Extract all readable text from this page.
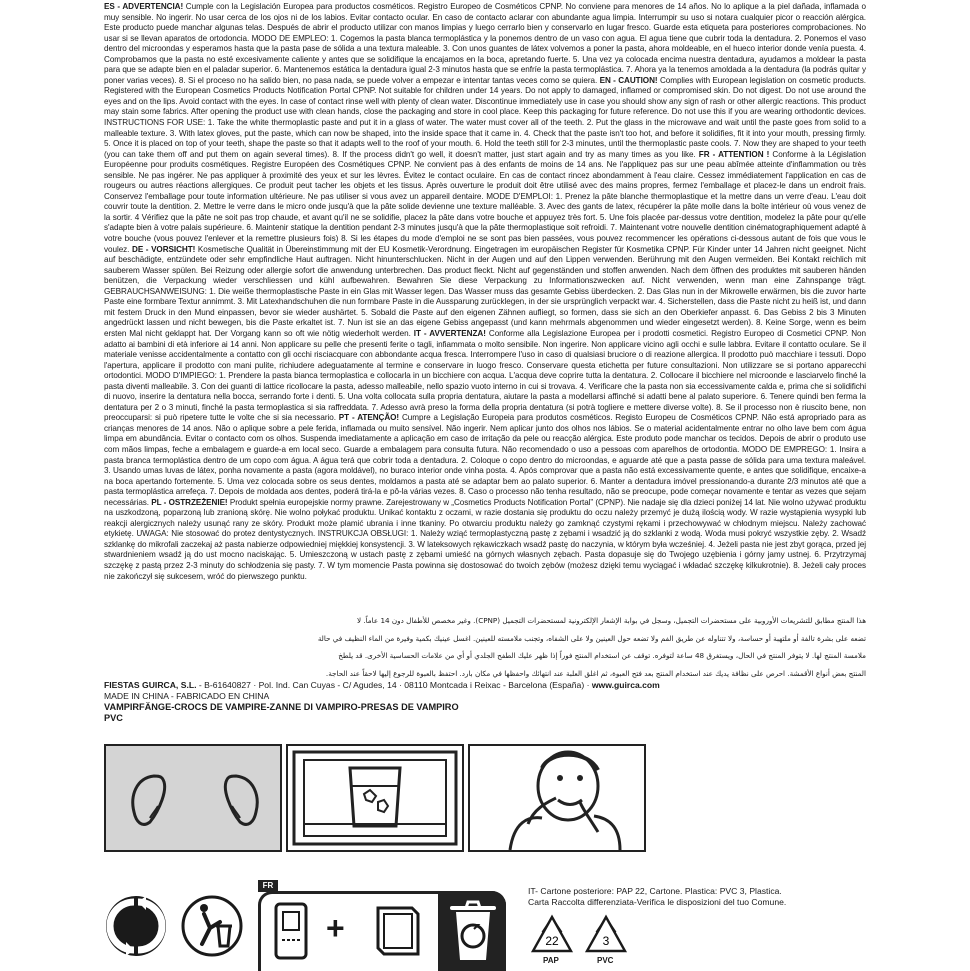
ES - ADVERTENCIA! Cumple con la Legislación Europea para productos cosméticos. Registro Europeo de Cosméticos CPNP. No conviene para menores de 14 años. No lo aplique a la piel dañada, inflamada o muy sensible. No ingerir. No usar cerca de los ojos ni de los labios. Evitar contacto ocular. En caso de contacto aclarar con abundante agua limpia. Interrumpir su uso si notara cualquier picor o reacción alérgica. Este producto puede manchar algunas telas. Después de abrir el producto utilizar con manos limpias y luego cerrarlo bien y conservarlo en lugar fresco. Guarde esta etiqueta para posteriores comprobaciones. No usar si se llevan aparatos de ortodoncia. MODO DE EMPLEO: 1. Cogemos la pasta blanca termoplástica y la ponemos dentro de un vaso con agua. El agua tiene que cubrir toda la dentadura. 2. Ponemos el vaso dentro del microondas y esperamos hasta que la pasta pase de sólida a una textura maleable. 3. Con unos guantes de látex volvemos a poner la pasta, ahora moldeable, en el hueco interior donde venía puesta. 4. Comprobamos que la pasta no esté excesivamente caliente y antes que se solidifique la encajamos en la boca, apretando fuerte. 5. Una vez ya colocada encima nuestra dentadura, ayudamos a moldear la pasta para que se adapte bien en el paladar superior. 6. Mantenemos estática la dentadura igual 2-3 minutos hasta que se enfríe la pasta termoplástica. 7. Ahora ya la tenemos amoldada a la dentadura (la podrás quitar y poner varias veces). 8. Si el proceso no ha salido bien, no pasa nada, se puede volver a empezar e intentar tantas veces como se quiera. EN - CAUTION! Complies with European legislation on cosmetic products. Registered with the European Cosmetics Products Notification Portal CPNP. Not suitable for children under 14 years. Do not apply to damaged, inflamed or compromised skin. Do not digest. Do not use around the eyes and on the lips. Avoid contact with the eyes. In case of contact rinse well with plenty of clean water. Discontinue immediately use in case you should show any sign of rash or other allergic reactions. This product may stain some fabrics. After opening the product use with clean hands, close the packaging and store in cool place. Keep this packaging for future reference. Do not use this if you are wearing orthodontic devices. INSTRUCTIONS FOR USE: 1. Take the white thermoplastic paste and put it in a glass of water. The water must cover all of the teeth. 2. Put the glass in the microwave and wait until the paste goes from solid to a malleable texture. 3. With latex gloves, put the paste, which can now be shaped, into the inside space that it came in. 4. Check that the paste isn't too hot, and before it solidifies, fit it into your mouth, pressing firmly. 5. Once it is placed on top of your teeth, shape the paste so that it adapts well to the roof of your mouth. 6. Hold the teeth still for 2-3 minutes, until the thermoplastic paste cools. 7. Now they are shaped to your teeth (you can take them off and put them on again several times). 8. If the process didn't go well, it doesn't matter, just start again and try as many times as you like. FR - ATTENTION ! Conforme à la Législation Européenne pour produits cosmétiques. Registre Européen des Cosmétiques CPNP. Ne convient pas à des enfants de moins de 14 ans. Ne l'appliquez pas sur une peau abîmée atteinte d'inflammation ou très sensible. Ne pas ingérer. Ne pas appliquer à proximité des yeux et sur les lèvres. Évitez le contact oculaire. En cas de contact rincez abondamment à l'eau claire. Cessez immédiatement l'application en cas de rougeurs ou autres réactions allergiques. Ce produit peut tacher les objets et les tissus. Après ouverture le produit doit être utilisé avec des mains propres, fermez l'emballage et placez-le dans un endroit frais. Conservez l'emballage pour toute information ultérieure. Ne pas utiliser si vous avez un appareil dentaire. MODE D'EMPLOI: 1. Prenez la pâte blanche thermoplastique et la mettre dans un verre d'eau. L'eau doit couvrir toute la dentition. 2. Mettre le verre dans le micro onde jusqu'à que la pâte solide devienne une texture malléable. 3. Avec des gants de latex, récupérer la pâte molle dans la boîte intérieur où vous venez de la sortir. 4 Vérifiez que la pâte ne soit pas trop chaude, et avant qu'il ne se solidifie, placez la pâte dans votre bouche et appuyez très fort. 5. Une fois placée par-dessus votre dentition, modelez la pâte pour qu'elle s'adapte bien à votre palais supérieure. 6. Maintenir statique la dentition pendant 2-3 minutes jusqu'à que la pâte thermoplastique soit refroidi. 7. Maintenant votre nouvelle dentition cinématographiquement adapté à votre bouche (vous pouvez l'enlever et la remettre plusieurs fois) 8. Si les étapes du mode d'emploi ne se sont pas bien passées, vous pouvez recommencer les opérations ci-dessous autant de fois que vous le voulez. DE - VORSICHT! Kosmetische Qualität in Übereinstimmung mit der EU Kosmetik-Verordnung. Eingetragen im europäischen Register für Kosmetika CPNP. Für Kinder unter 14 Jahren nicht geeignet. Nicht auf beschädigte, entzündete oder sehr empfindliche Haut auftragen. Nicht hinunterschlucken. Nicht in der Augen und auf den Lippen verwenden. Berührung mit den Augen vermeiden. Bei Kontakt reichlich mit sauberem Wasser spülen. Bei Reizung oder allergie sofort die anwendung unterbrechen. Das product fleckt. Nicht auf gegenständen und stoffen anwenden. Nach dem öffnen des produktes mit sauberen händen benützen, die Verpackung wieder verschliessen und kühl aufbewahren. Bewahren Sie diese Verpackung zu Informationszwecken auf. Nicht verwenden, wenn man eine Zahnspange trägt. GEBRAUCHSANWEISUNG: 1. Die weiße thermoplastische Paste in ein Glas mit Wasser legen. Das Wasser muss das gesamte Gebiss überdecken. 2. Das Glas nun in der Mikrowelle erwärmen, bis die zuvor harte Paste eine formbare Textur annimmt. 3. Mit Latexhandschuhen die nun formbare Paste in die Aussparung zurücklegen, in der sie ursprünglich verpackt war. 4. Sicherstellen, dass die Paste nicht zu heiß ist, und dann mit festem Druck in den Mund einpassen, bevor sie wieder aushärtet. 5. Sobald die Paste auf den eigenen Zähnen aufliegt, so formen, dass sie sich an den Oberkiefer anpasst. 6. Das Gebiss 2 bis 3 Minuten angedrückt lassen und nicht bewegen, bis die Paste erkaltet ist. 7. Nun ist sie an das eigene Gebiss angepasst (und kann mehrmals abgenommen und wieder eingesetzt werden). 8. Keine Sorge, wenn es beim ersten Mal nicht geklappt hat. Der Vorgang kann so oft wie nötig wiederholt werden. IT - AVVERTENZA! Conforme alla Legislazione Europea per i prodotti cosmetici. Registro Europeo di Cosmetici CPNP. Non adatto ai bambini di età inferiore ai 14 anni. Non applicare su pelle che presenti ferite o tagli, infiammata o molto sensibile. Non ingerire. Non applicare vicino agli occhi e sulle labbra. Evitare il contatto oculare. Se il materiale venisse accidentalmente a contatto con gli occhi risciacquare con abbondante acqua fresca. Interrompere l'uso in caso di qualsiasi bruciore o di reazione allergica. Il prodotto può macchiare i tessuti. Dopo l'apertura, applicare il prodotto con mani pulite, richiudere adeguatamente al termine e conservare in luogo fresco. Conservare questa etichetta per future consultazioni. Non utilizzare se si portano apparecchi ortodontici. MODO D'IMPIEGO: 1. Prendere la pasta bianca termoplastica e collocarla in un bicchiere con acqua. L'acqua deve coprire tutta la dentatura. 2. Collocare il bicchiere nel microonde e lasciarvelo finché la pasta diventi malleabile. 3. Con dei guanti di lattice ricollocare la pasta, adesso malleabile, nello spazio vuoto interno in cui si trovava. 4. Verificare che la pasta non sia eccessivamente calda e, prima che si solidifichi di nuovo, inserire la dentatura nella bocca, serrando forte i denti. 5. Una volta collocata sulla propria dentatura, aiutare la pasta a modellarsi affinché si adatti bene al palato superiore. 6. Tenere quindi ben ferma la dentatura per 2 o 3 minuti, finché la pasta termoplastica si sia raffreddata. 7. Adesso avrà preso la forma della propria dentatura (si potrà togliere e mettere diverse volte). 8. Se il processo non è riuscito bene, non preoccuparsi: si può ripetere tutte le volte che si sia necessario. PT - ATENÇÃO! Cumpre a Legislação Europeia para produtos cosméticos. Registo Europeu de Cosméticos CPNP. Não está apropriado para as crianças menores de 14 anos. Não o aplique sobre a pele ferida, inflamada ou muito sensível. Não ingerir. Nem aplicar junto dos olhos nos lábios. Se o material acidentalmente entrar no olho lave bem com água limpa em abundância. Evitar o contacto com os olhos. Suspenda imediatamente a aplicação em caso de irritação da pele ou reacção alérgica. Este produto pode manchar os tecidos. Depois de abrir o produto use com mãos limpas, feche a embalagem e guarde-a em local seco. Guarde a embalagem para consulta futura. Não recomendado o uso a pessoas com aparelhos de ortodontia. MODO DE EMPREGO: 1. Insira a pasta branca termoplástica dentro de um copo com água. A água terá que cobrir toda a dentadura. 2. Coloque o copo dentro do microondas, e aguarde até que a pasta passe de sólida para uma textura maleável. 3. Usando umas luvas de látex, ponha novamente a pasta (agora moldável), no buraco interior onde vinha posta. 4. Após comprovar que a pasta não está excessivamente quente, e antes que solidifique, encaixe-a na boca apertando fortemente. 5. Uma vez colocada sobre os seus dentes, moldamos a pasta até se adaptar bem ao palato superior. 6. Manter a dentadura imóvel pressionando-a durante 2/3 minutos até que a pasta termoplástica arrefeça. 7. Depois de moldada aos dentes, poderá tirá-la e pô-la várias vezes. 8. Caso o processo não tenha resultado, não se preocupe, pode começar novamente e tentar as vezes que sejam necessárias. PL - OSTRZEŻENIE! Produkt spełnia europejskie normy prawne. Zarejestrowany w „Cosmetics Products Notification Portal” (CPNP). Nie nadaje się dla dzieci poniżej 14 lat. Nie wolno używać produktu na uszkodzoną, poparzoną lub zranioną skórę. Nie wolno połykać produktu. Unikać kontaktu z oczami, w razie dostania się produktu do oczu należy przemyć je dużą ilością wody. W razie wystąpienia wysypki lub reakcji alergicznych należy usunąć rany ze skóry. Produkt może plamić ubrania i inne tkaniny. Po otwarciu produktu należy go zamknąć czystymi rękami i przechowywać w chłodnym miejscu. Należy zachować etykietę. UWAGA: Nie stosować do protez dentystycznych. INSTRUKCJA OBSŁUGI: 1. Należy wziąć termoplastyczną pastę z zębami i wsadzić ją do szklanki z wodą. Woda musi pokryć wszystkie zęby. 2. Wsadź szklankę do mikrofali zaczekaj aż pasta nabierze odpowiedniej miękkiej konsystencji. 3. W lateksowych rękawiczkach wsadź pastę do naczynia, w którym była wcześniej. 4. Jeżeli pasta nie jest zbyt gorąca, przed jej stwardnieniem wsadź ją do ust mocno naciskając. 5. Umieszczoną w ustach pastę z zębami umieść na górnych własnych zębach. Pasta dopasuje się do Twojego uzębienia i górny jamy ustnej. 6. Przytrzymaj szczękę z pastą przez 2-3 minuty do schłodzenia się pasty. 7. W tym momencie Pasta powinna się dostosować do twoich zębów (możesz dzięki temu wyciągać i wkładać szczękę kilkukrotnie). 8. Jeżeli cały proces nie zakończył się sukcesem, wróć do pierwszego punktu.

هذا المنتج مطابق للتشريعات الأوروبية على مستحضرات التجميل، وسجل في بوابة الإشعار الإلكترونية لمستحضرات التجميل (CPNP). وغير مخصص للأطفال دون 14 عاماً. لا

تضعه على بشرة تالفة أو ملتهبة أو حساسة، ولا تتناوله عن طريق الفم ولا تضعه حول العينين ولا على الشفاه، وتجنب ملامسته للعينين. اغسل عينيك بكمية وفيرة من الماء النظيف في حالة

ملامسة المنتج لها. لا يتوفر المنتج في الحال، ويستغرق 48 ساعة لتوفره. توقف عن استخدام المنتج فوراً إذا ظهر عليك الطفح الجلدي أو أي من علامات الحساسية الأخرى. قد يلطخ

المنتج بعض أنواع الأقمشة. احرص على نظافة يديك عند استخدام المنتج بعد فتح العبوة، ثم اغلق العلبة عند انتهائك واحفظها في مكان بارد. احتفظ بالعبوة للرجوع إليها لاحقاً عند الحاجة.

FIESTAS GUIRCA, S.L. - B-61640827 · Pol. Ind. Can Cuyas - C/ Agudes, 14 · 08110 Montcada i Reixac - Barcelona (España) · www.guirca.com
MADE IN CHINA - FABRICADO EN CHINA
VAMPIRFÄNGE-CROCS DE VAMPIRE-ZANNE DI VAMPIRO-PRESAS DE VAMPIRO
PVC
FR
+
IT- Cartone posteriore: PAP 22, Cartone. Plastica: PVC 3, Plastica.
Carta Raccolta differenziata-Verifica le disposizioni del tuo Comune.
22
PAP
3
PVC
